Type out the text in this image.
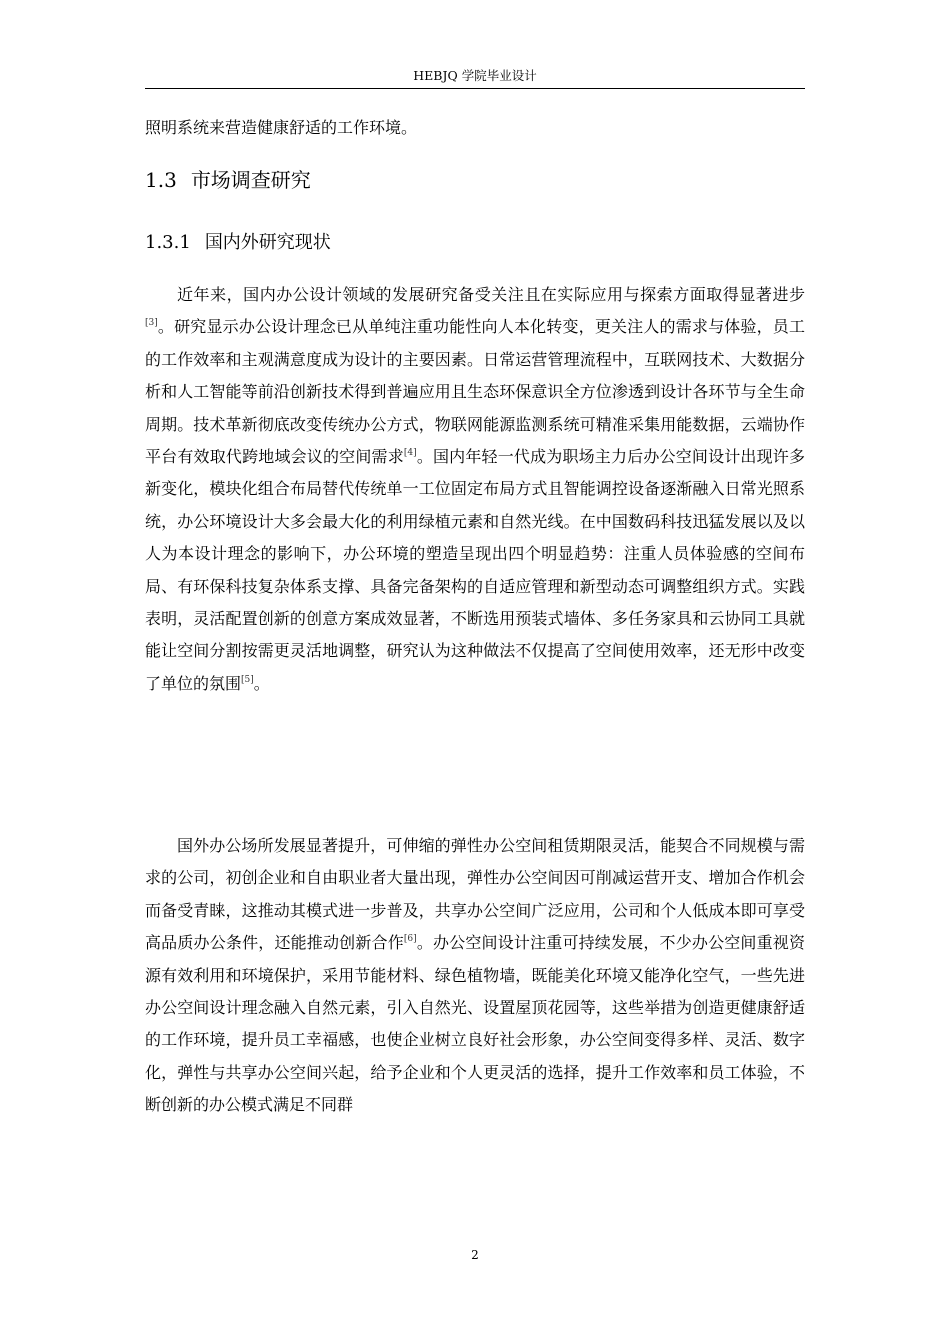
HEBJQ 学院毕业设计

照明系统来营造健康舒适的工作环境。

1.3 市场调查研究
1.3.1 国内外研究现状

近年来，国内办公设计领域的发展研究备受关注且在实际应用与探索方面取得显著进步[3]。研究显示办公设计理念已从单纯注重功能性向人本化转变，更关注人的需求与体验，员工的工作效率和主观满意度成为设计的主要因素。日常运营管理流程中，互联网技术、大数据分析和人工智能等前沿创新技术得到普遍应用且生态环保意识全方位渗透到设计各环节与全生命周期。技术革新彻底改变传统办公方式，物联网能源监测系统可精准采集用能数据，云端协作平台有效取代跨地域会议的空间需求[4]。国内年轻一代成为职场主力后办公空间设计出现许多新变化，模块化组合布局替代传统单一工位固定布局方式且智能调控设备逐渐融入日常光照系统，办公环境设计大多会最大化的利用绿植元素和自然光线。在中国数码科技迅猛发展以及以人为本设计理念的影响下，办公环境的塑造呈现出四个明显趋势：注重人员体验感的空间布局、有环保科技复杂体系支撑、具备完备架构的自适应管理和新型动态可调整组织方式。实践表明，灵活配置创新的创意方案成效显著，不断选用预装式墙体、多任务家具和云协同工具就能让空间分割按需更灵活地调整，研究认为这种做法不仅提高了空间使用效率，还无形中改变了单位的氛围[5]。

国外办公场所发展显著提升，可伸缩的弹性办公空间租赁期限灵活，能契合不同规模与需求的公司，初创企业和自由职业者大量出现，弹性办公空间因可削减运营开支、增加合作机会而备受青睐，这推动其模式进一步普及，共享办公空间广泛应用，公司和个人低成本即可享受高品质办公条件，还能推动创新合作[6]。办公空间设计注重可持续发展，不少办公空间重视资源有效利用和环境保护，采用节能材料、绿色植物墙，既能美化环境又能净化空气，一些先进办公空间设计理念融入自然元素，引入自然光、设置屋顶花园等，这些举措为创造更健康舒适的工作环境，提升员工幸福感，也使企业树立良好社会形象，办公空间变得多样、灵活、数字化，弹性与共享办公空间兴起，给予企业和个人更灵活的选择，提升工作效率和员工体验，不断创新的办公模式满足不同群

2
